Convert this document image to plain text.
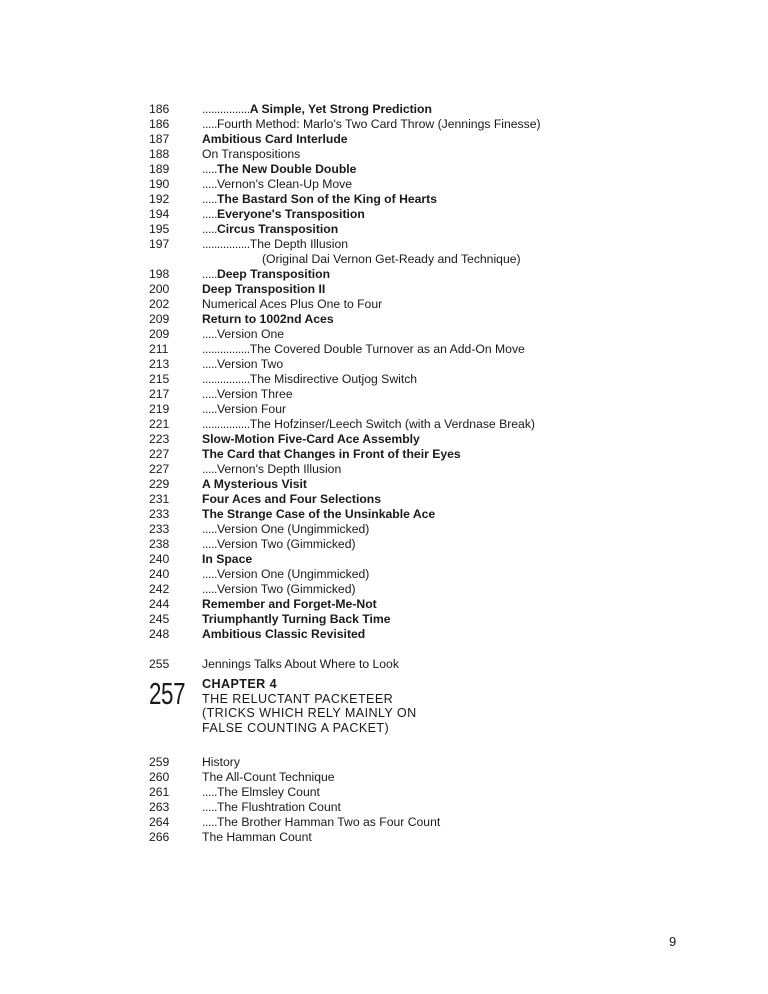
186	................A Simple, Yet Strong Prediction
186	.....Fourth Method: Marlo's Two Card Throw (Jennings Finesse)
187	Ambitious Card Interlude
188	On Transpositions
189	.....The New Double Double
190	.....Vernon's Clean-Up Move
192	.....The Bastard Son of the King of Hearts
194	.....Everyone's Transposition
195	.....Circus Transposition
197	................The Depth Illusion
(Original Dai Vernon Get-Ready and Technique)
198	.....Deep Transposition
200	Deep Transposition II
202	Numerical Aces Plus One to Four
209	Return to 1002nd Aces
209	.....Version One
211	................The Covered Double Turnover as an Add-On Move
213	.....Version Two
215	................The Misdirective Outjog Switch
217	.....Version Three
219	.....Version Four
221	................The Hofzinser/Leech Switch (with a Verdnase Break)
223	Slow-Motion Five-Card Ace Assembly
227	The Card that Changes in Front of their Eyes
227	.....Vernon's Depth Illusion
229	A Mysterious Visit
231	Four Aces and Four Selections
233	The Strange Case of the Unsinkable Ace
233	.....Version One (Ungimmicked)
238	.....Version Two (Gimmicked)
240	In Space
240	.....Version One (Ungimmicked)
242	.....Version Two (Gimmicked)
244	Remember and Forget-Me-Not
245	Triumphantly Turning Back Time
248	Ambitious Classic Revisited
255	Jennings Talks About Where to Look
257 CHAPTER 4
THE RELUCTANT PACKETEER
(TRICKS WHICH RELY MAINLY ON
FALSE COUNTING A PACKET)
259	History
260	The All-Count Technique
261	.....The Elmsley Count
263	.....The Flushtration Count
264	.....The Brother Hamman Two as Four Count
266	The Hamman Count
9
